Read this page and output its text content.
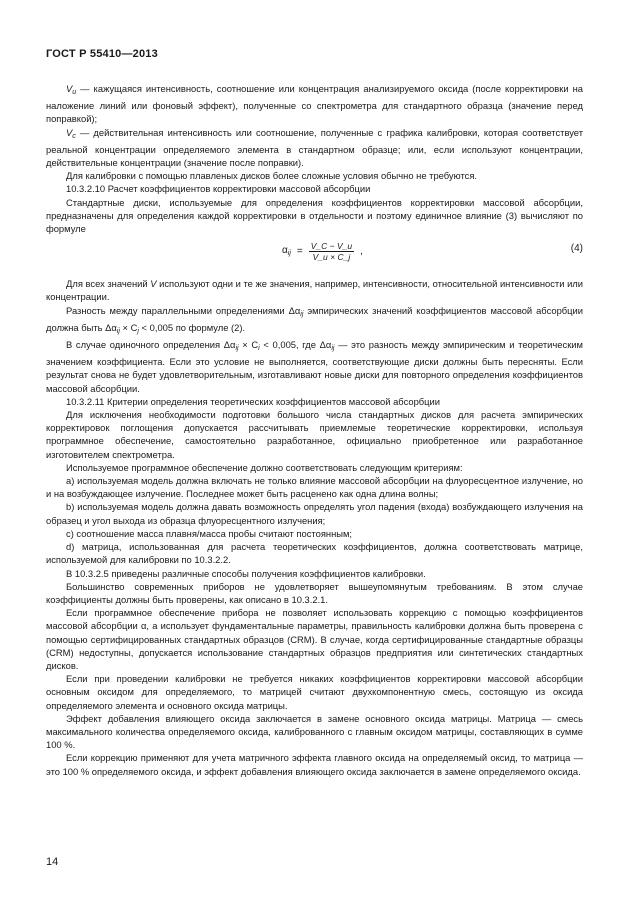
ГОСТ Р 55410—2013

$V_u$ — кажущаяся интенсивность, соотношение или концентрация анализируемого оксида (после корректировки на наложение линий или фоновый эффект), полученные со спектрометра для стандартного образца (значение перед поправкой);

$V_c$ — действительная интенсивность или соотношение, полученные с графика калибровки, которая соответствует реальной концентрации определяемого элемента в стандартном образце; или, если используют концентрации, действительные концентрации (значение после поправки).

Для калибровки с помощью плавленых дисков более сложные условия обычно не требуются.

10.3.2.10 Расчет коэффициентов корректировки массовой абсорбции

Стандартные диски, используемые для определения коэффициентов корректировки массовой абсорбции, предназначены для определения каждой корректировки в отдельности и поэтому единичное влияние (3) вычисляют по формуле

$\alpha_{ij} = \frac{V\_C - V\_u}{V\_u \times C\_j}$ ,	(4)

Для всех значений V используют одни и те же значения, например, интенсивности, относительной интенсивности или концентрации.

Разность между параллельными определениями $\Delta\alpha_{ij}$ эмпирических значений коэффициентов массовой абсорбции должна быть $\Delta\alpha_{ij} \times C_j < 0,005$ по формуле (2).

В случае одиночного определения $\Delta\alpha_{ij} \times C_i < 0,005$, где $\Delta\alpha_{ij}$ — это разность между эмпирическим и теоретическим значением коэффициента. Если это условие не выполняется, соответствующие диски должны быть пересняты. Если результат снова не будет удовлетворительным, изготавливают новые диски для повторного определения коэффициентов массовой абсорбции.

10.3.2.11 Критерии определения теоретических коэффициентов массовой абсорбции

Для исключения необходимости подготовки большого числа стандартных дисков для расчета эмпирических корректировок поглощения допускается рассчитывать приемлемые теоретические корректировки, используя программное обеспечение, самостоятельно разработанное, официально приобретенное или разработанное изготовителем спектрометра.

Используемое программное обеспечение должно соответствовать следующим критериям:

а) используемая модель должна включать не только влияние массовой абсорбции на флуоресцентное излучение, но и на возбуждающее излучение. Последнее может быть расценено как одна длина волны;

b) используемая модель должна давать возможность определять угол падения (входа) возбуждающего излучения на образец и угол выхода из образца флуоресцентного излучения;

с) соотношение масса плавня/масса пробы считают постоянным;

d) матрица, использованная для расчета теоретических коэффициентов, должна соответствовать матрице, используемой для калибровки по 10.3.2.2.

В 10.3.2.5 приведены различные способы получения коэффициентов калибровки.

Большинство современных приборов не удовлетворяет вышеупомянутым требованиям. В этом случае коэффициенты должны быть проверены, как описано в 10.3.2.1.

Если программное обеспечение прибора не позволяет использовать коррекцию с помощью коэффициентов массовой абсорбции α, а использует фундаментальные параметры, правильность калибровки должна быть проверена с помощью сертифицированных стандартных образцов (CRM). В случае, когда сертифицированные стандартные образцы (CRM) недоступны, допускается использование стандартных образцов предприятия или синтетических стандартных дисков.

Если при проведении калибровки не требуется никаких коэффициентов корректировки массовой абсорбции основным оксидом для определяемого, то матрицей считают двухкомпонентную смесь, состоящую из оксида определяемого элемента и основного оксида матрицы.

Эффект добавления влияющего оксида заключается в замене основного оксида матрицы. Матрица — смесь максимального количества определяемого оксида, калиброванного с главным оксидом матрицы, составляющих в сумме 100 %.

Если коррекцию применяют для учета матричного эффекта главного оксида на определяемый оксид, то матрица — это 100 % определяемого оксида, и эффект добавления влияющего оксида заключается в замене определяемого оксида.

14
